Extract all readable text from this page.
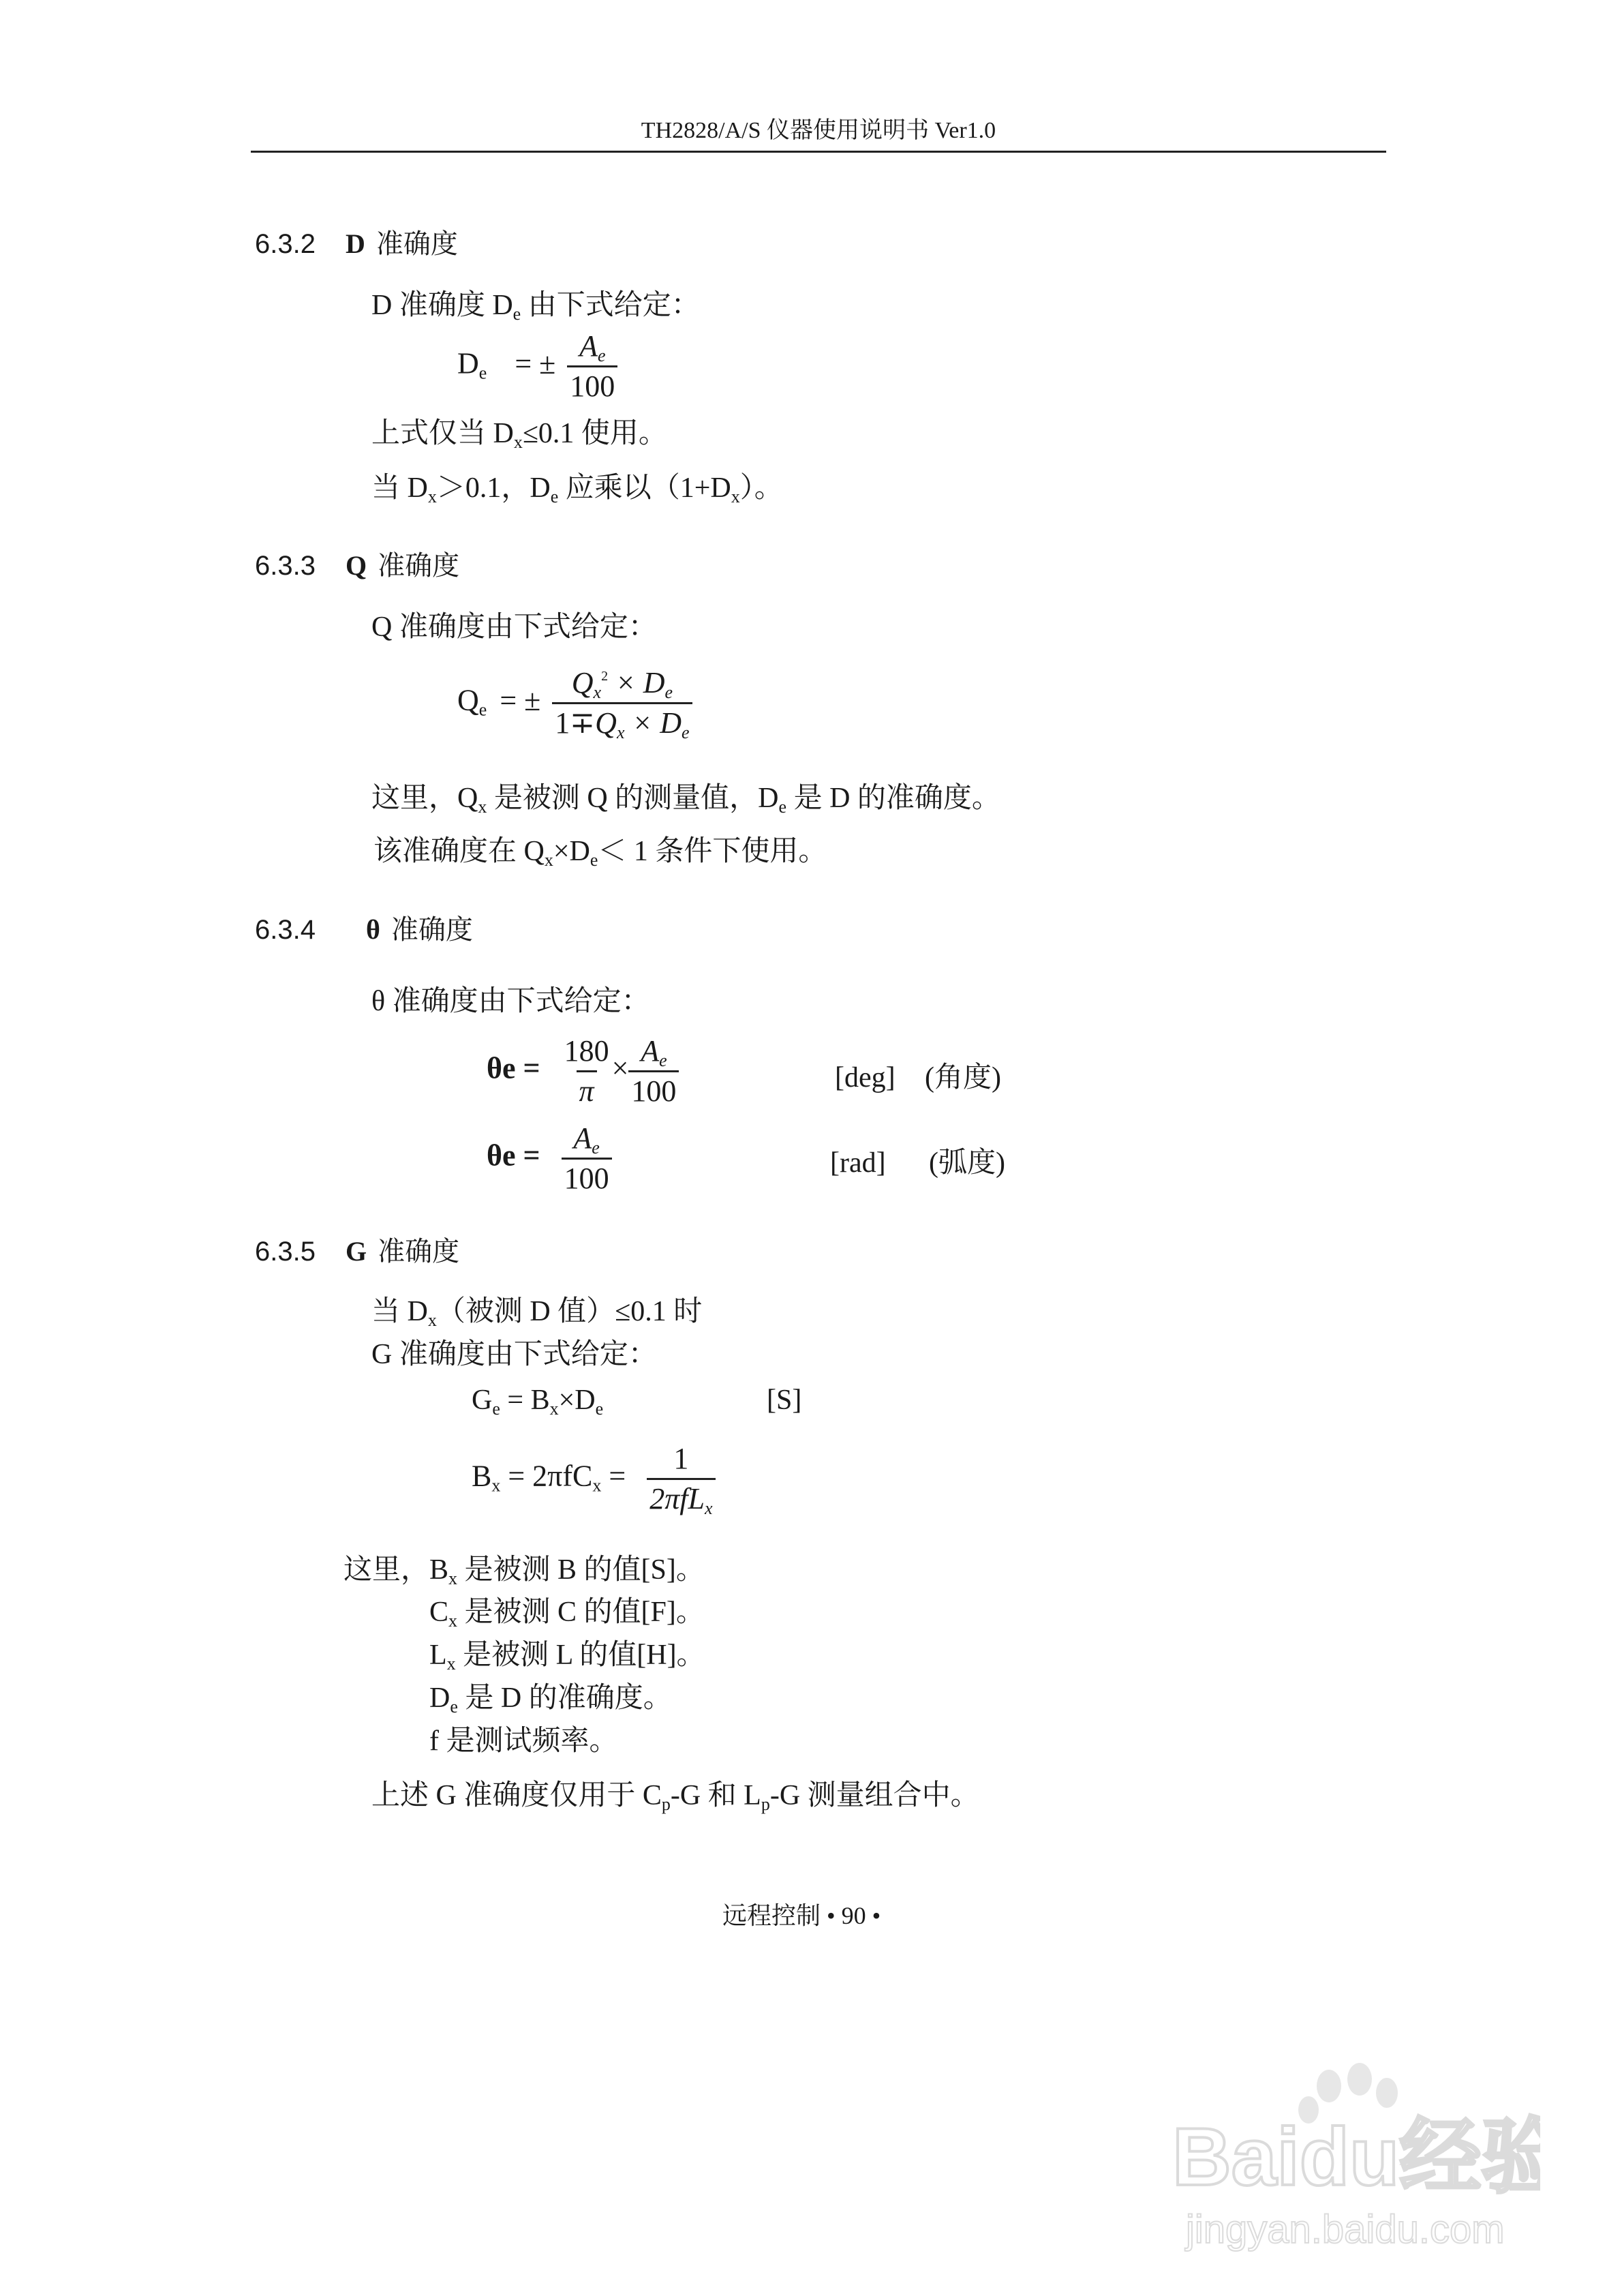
TH2828/A/S 仪器使用说明书 Ver1.0
6.3.2 D 准确度
D 准确度 $D_e$ 由下式给定：
$D_e$ = ± $\frac{A_e}{100}$
上式仅当 $D_x\le 0.1$ 使用。
当 $D_x>0.1$，$D_e$ 应乘以$(1+D_x)$。
6.3.3 Q 准确度
Q 准确度由下式给定：
$Q_e$ = ± $\frac{Q_x^2 \times D_e}{1\mp Q_x \times D_e}$
这里，$Q_x$ 是被测 Q 的测量值，$D_e$ 是 D 的准确度。
该准确度在 $Q_x\times D_e< 1$ 条件下使用。
6.3.4 θ 准确度
θ 准确度由下式给定：
$\theta e = \frac{180}{\pi} \times \frac{A_e}{100}$	[deg] (角度)
$\theta e = \frac{A_e}{100}$	[rad] (弧度)
6.3.5 G 准确度
当 $D_x$（被测 D 值）≤0.1 时
G 准确度由下式给定：
$G_e = B_x\times D_e$	[S]
$B_x = 2\pi fC_x = \frac{1}{2\pi fL_x}$
这里，$B_x$ 是被测 B 的值[S]。
$C_x$ 是被测 C 的值[F]。
$L_x$ 是被测 L 的值[H]。
$D_e$ 是 D 的准确度。
f 是测试频率。
上述 G 准确度仅用于 $C_p-G$ 和 $L_p-G$ 测量组合中。
远程控制 • 90 •
Baidu经验
jingyan.baidu.com
